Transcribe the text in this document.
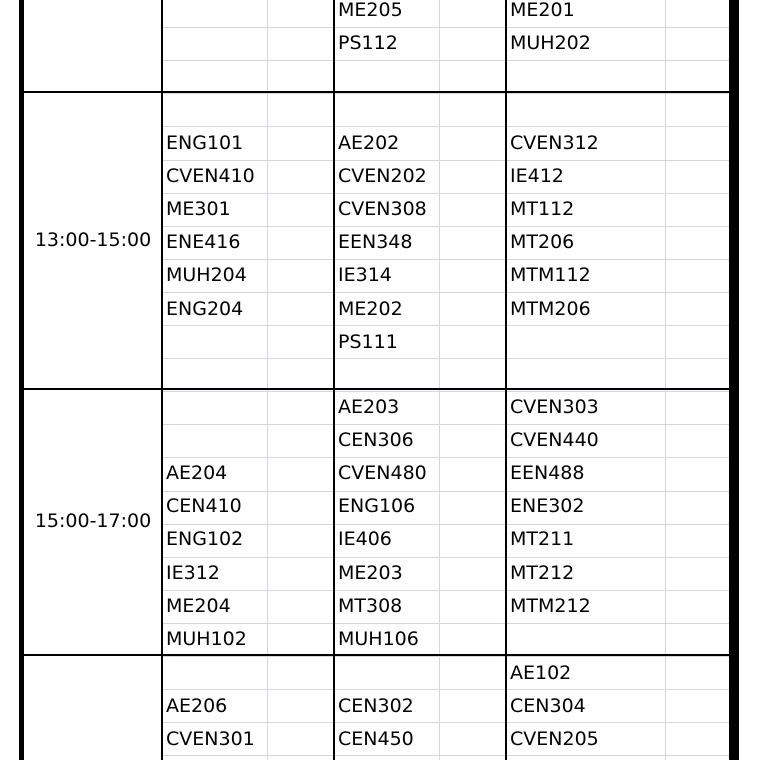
ME205
PS112
ME201
MUH202
ENG101
CVEN410
ME301
ENE416
MUH204
ENG204
AE202
CVEN202
CVEN308
EEN348
IE314
ME202
PS111
CVEN312
IE412
MT112
MT206
MTM112
MTM206
13:00-15:00
AE204
CEN410
ENG102
IE312
ME204
MUH102
AE203
CEN306
CVEN480
ENG106
IE406
ME203
MT308
MUH106
CVEN303
CVEN440
EEN488
ENE302
MT211
MT212
MTM212
15:00-17:00
AE206
CVEN301
CEN302
CEN450
AE102
CEN304
CVEN205
